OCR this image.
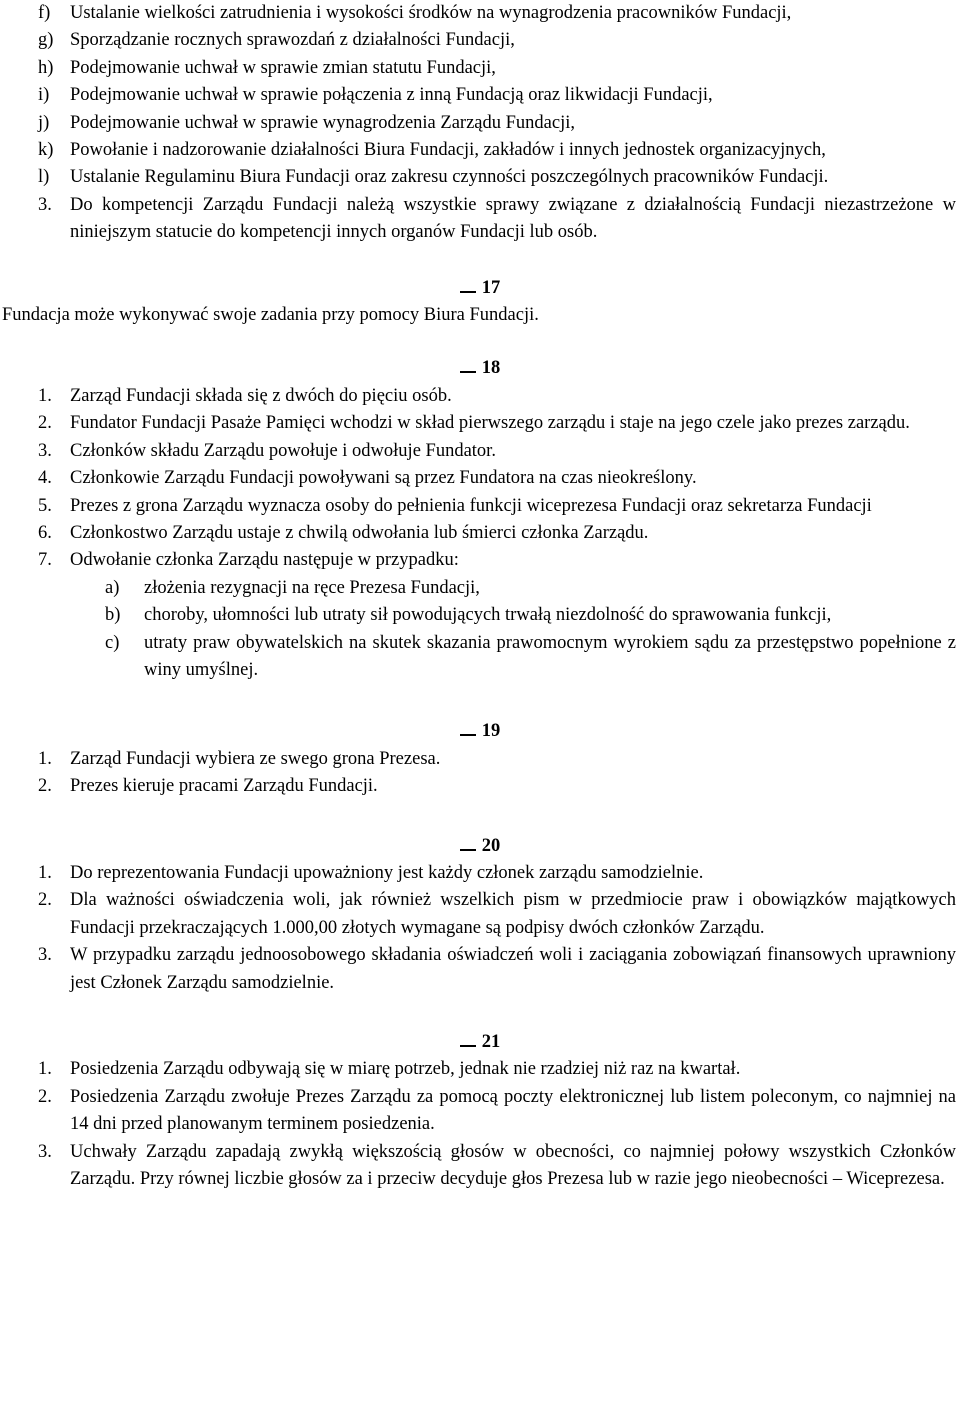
f) Ustalanie wielkości zatrudnienia i wysokości środków na wynagrodzenia pracowników Fundacji,
g) Sporządzanie rocznych sprawozdań z działalności Fundacji,
h) Podejmowanie uchwał w sprawie zmian statutu Fundacji,
i) Podejmowanie uchwał w sprawie połączenia z inną Fundacją oraz likwidacji Fundacji,
j) Podejmowanie uchwał w sprawie wynagrodzenia Zarządu Fundacji,
k) Powołanie i nadzorowanie działalności Biura Fundacji, zakładów i innych jednostek organizacyjnych,
l) Ustalanie Regulaminu Biura Fundacji oraz zakresu czynności poszczególnych pracowników Fundacji.
3. Do kompetencji Zarządu Fundacji należą wszystkie sprawy związane z działalnością Fundacji niezastrzeżone w niniejszym statucie do kompetencji innych organów Fundacji lub osób.
17
Fundacja może wykonywać swoje zadania przy pomocy Biura Fundacji.
18
1. Zarząd Fundacji składa się z dwóch do pięciu osób.
2. Fundator Fundacji Pasaże Pamięci wchodzi w skład pierwszego zarządu i staje na jego czele jako prezes zarządu.
3. Członków składu Zarządu powołuje i odwołuje Fundator.
4. Członkowie Zarządu Fundacji powoływani są przez Fundatora na czas nieokreślony.
5. Prezes z grona Zarządu wyznacza osoby do pełnienia funkcji wiceprezesa Fundacji oraz sekretarza Fundacji
6. Członkostwo Zarządu ustaje z chwilą odwołania lub śmierci członka Zarządu.
7. Odwołanie członka Zarządu następuje w przypadku:
a) złożenia rezygnacji na ręce Prezesa Fundacji,
b) choroby, ułomności lub utraty sił powodujących trwałą niezdolność do sprawowania funkcji,
c) utraty praw obywatelskich na skutek skazania prawomocnym wyrokiem sądu za przestępstwo popełnione z winy umyślnej.
19
1. Zarząd Fundacji wybiera ze swego grona Prezesa.
2. Prezes kieruje pracami Zarządu Fundacji.
20
1. Do reprezentowania Fundacji upoważniony jest każdy członek zarządu samodzielnie.
2. Dla ważności oświadczenia woli, jak również wszelkich pism w przedmiocie praw i obowiązków majątkowych Fundacji przekraczających 1.000,00 złotych wymagane są podpisy dwóch członków Zarządu.
3. W przypadku zarządu jednoosobowego składania oświadczeń woli i zaciągania zobowiązań finansowych uprawniony jest Członek Zarządu samodzielnie.
21
1. Posiedzenia Zarządu odbywają się w miarę potrzeb, jednak nie rzadziej niż raz na kwartał.
2. Posiedzenia Zarządu zwołuje Prezes Zarządu za pomocą poczty elektronicznej lub listem poleconym, co najmniej na 14 dni przed planowanym terminem posiedzenia.
3. Uchwały Zarządu zapadają zwykłą większością głosów w obecności, co najmniej połowy wszystkich Członków Zarządu. Przy równej liczbie głosów za i przeciw decyduje głos Prezesa lub w razie jego nieobecności – Wiceprezesa.
